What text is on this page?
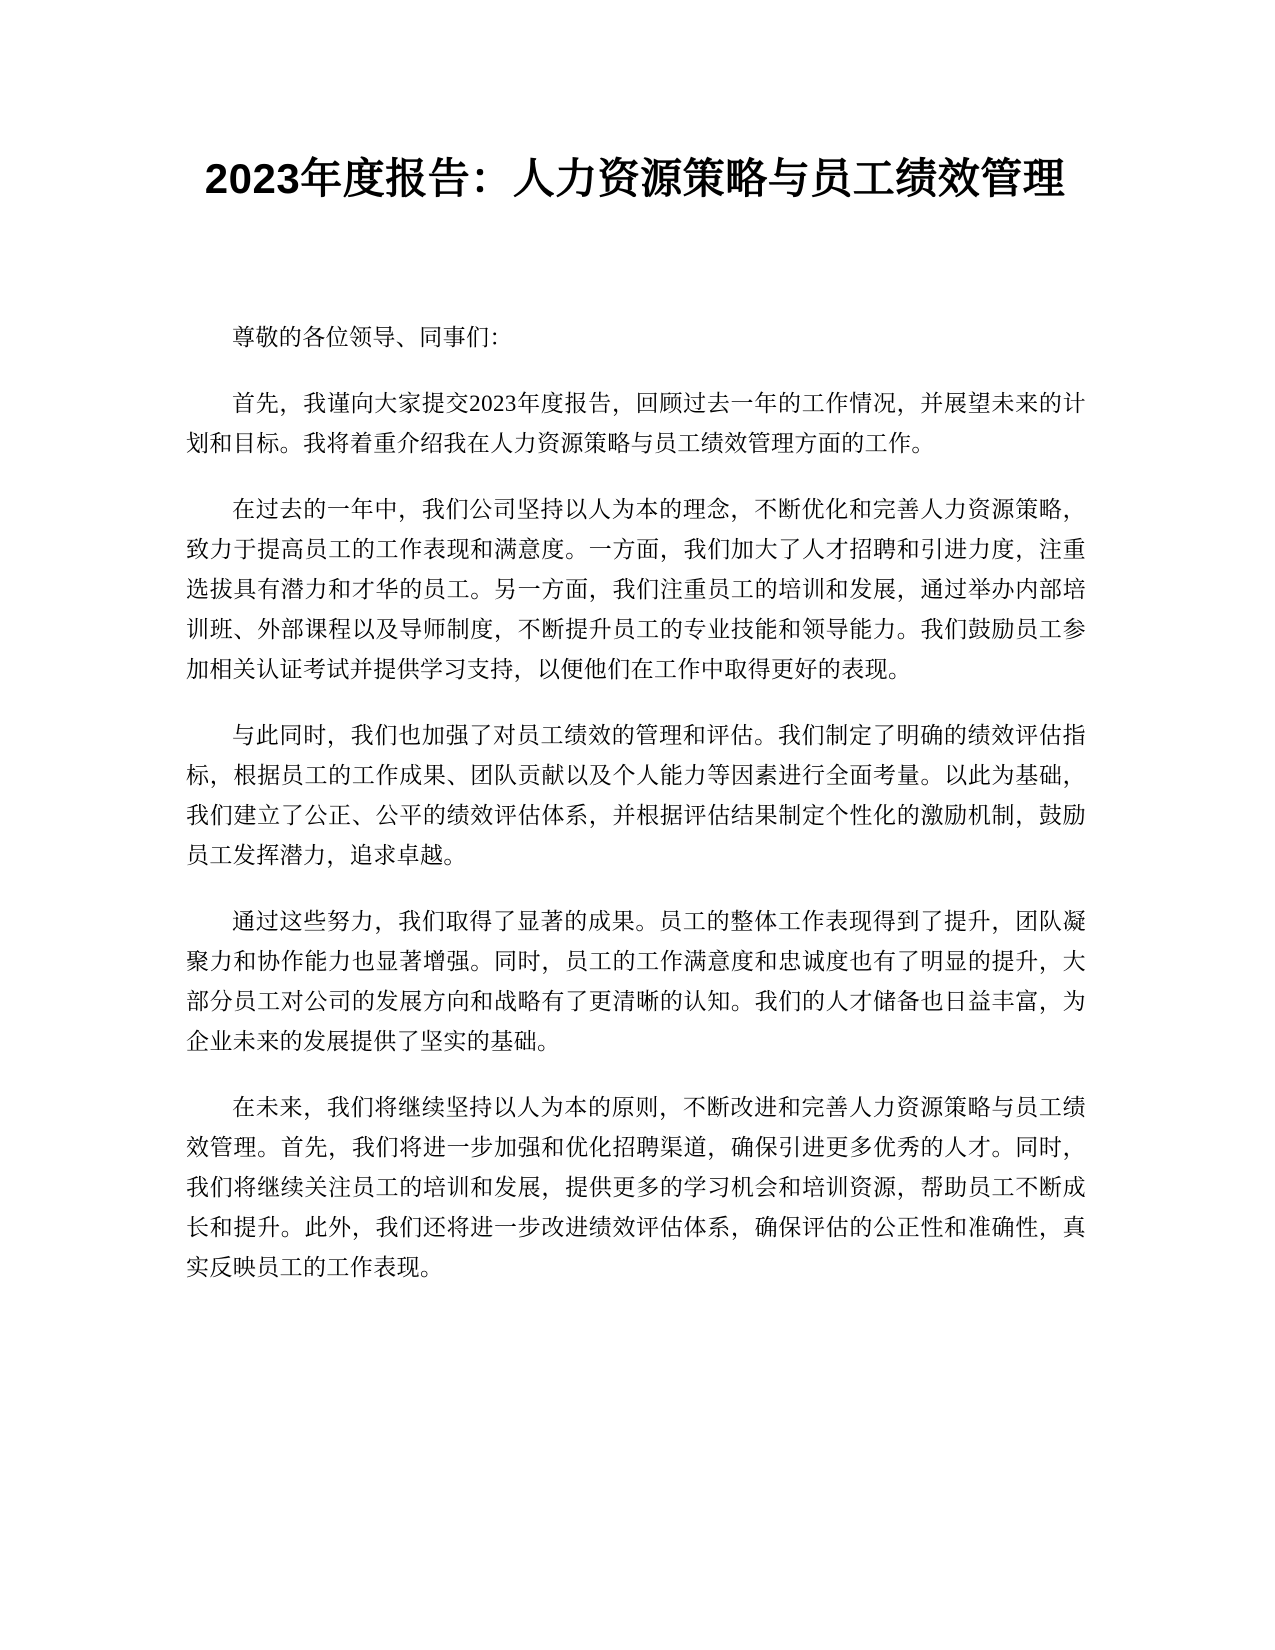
2023年度报告：人力资源策略与员工绩效管理

尊敬的各位领导、同事们：

首先，我谨向大家提交2023年度报告，回顾过去一年的工作情况，并展望未来的计划和目标。我将着重介绍我在人力资源策略与员工绩效管理方面的工作。

在过去的一年中，我们公司坚持以人为本的理念，不断优化和完善人力资源策略，致力于提高员工的工作表现和满意度。一方面，我们加大了人才招聘和引进力度，注重选拔具有潜力和才华的员工。另一方面，我们注重员工的培训和发展，通过举办内部培训班、外部课程以及导师制度，不断提升员工的专业技能和领导能力。我们鼓励员工参加相关认证考试并提供学习支持，以便他们在工作中取得更好的表现。

与此同时，我们也加强了对员工绩效的管理和评估。我们制定了明确的绩效评估指标，根据员工的工作成果、团队贡献以及个人能力等因素进行全面考量。以此为基础，我们建立了公正、公平的绩效评估体系，并根据评估结果制定个性化的激励机制，鼓励员工发挥潜力，追求卓越。

通过这些努力，我们取得了显著的成果。员工的整体工作表现得到了提升，团队凝聚力和协作能力也显著增强。同时，员工的工作满意度和忠诚度也有了明显的提升，大部分员工对公司的发展方向和战略有了更清晰的认知。我们的人才储备也日益丰富，为企业未来的发展提供了坚实的基础。

在未来，我们将继续坚持以人为本的原则，不断改进和完善人力资源策略与员工绩效管理。首先，我们将进一步加强和优化招聘渠道，确保引进更多优秀的人才。同时，我们将继续关注员工的培训和发展，提供更多的学习机会和培训资源，帮助员工不断成长和提升。此外，我们还将进一步改进绩效评估体系，确保评估的公正性和准确性，真实反映员工的工作表现。
